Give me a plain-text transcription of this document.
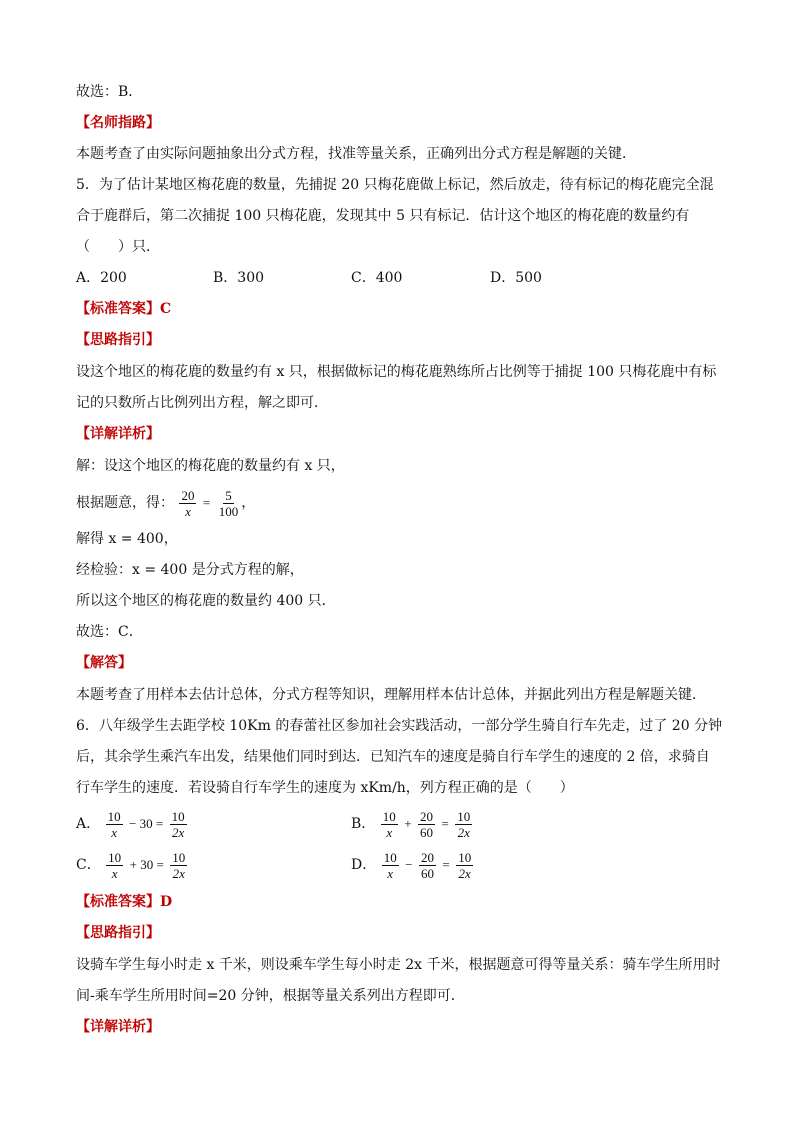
故选：B．
【名师指路】
本题考查了由实际问题抽象出分式方程，找准等量关系，正确列出分式方程是解题的关键．
5．为了估计某地区梅花鹿的数量，先捕捉 20 只梅花鹿做上标记，然后放走，待有标记的梅花鹿完全混
合于鹿群后，第二次捕捉 100 只梅花鹿，发现其中 5 只有标记．估计这个地区的梅花鹿的数量约有
（　　）只．
A．200	B．300	C．400	D．500
【标准答案】C
【思路指引】
设这个地区的梅花鹿的数量约有 x 只，根据做标记的梅花鹿熟练所占比例等于捕捉 100 只梅花鹿中有标
记的只数所占比例列出方程，解之即可．
【详解详析】
解：设这个地区的梅花鹿的数量约有 x 只，
根据题意，得： $\frac{20}{x} = \frac{5}{100}$ ，
解得 x = 400，
经检验：x = 400 是分式方程的解，
所以这个地区的梅花鹿的数量约 400 只．
故选：C．
【解答】
本题考查了用样本去估计总体，分式方程等知识，理解用样本估计总体，并据此列出方程是解题关键．
6．八年级学生去距学校 10Km 的春蕾社区参加社会实践活动，一部分学生骑自行车先走，过了 20 分钟
后，其余学生乘汽车出发，结果他们同时到达．已知汽车的速度是骑自行车学生的速度的 2 倍，求骑自
行车学生的速度．若设骑自行车学生的速度为 xKm/h，列方程正确的是（　　）
A． $\frac{10}{x} - 30 = \frac{10}{2x}$	B． $\frac{10}{x} + \frac{20}{60} = \frac{10}{2x}$
C． $\frac{10}{x} + 30 = \frac{10}{2x}$	D． $\frac{10}{x} - \frac{20}{60} = \frac{10}{2x}$
【标准答案】D
【思路指引】
设骑车学生每小时走 x 千米，则设乘车学生每小时走 2x 千米，根据题意可得等量关系：骑车学生所用时
间-乘车学生所用时间=20 分钟，根据等量关系列出方程即可．
【详解详析】
